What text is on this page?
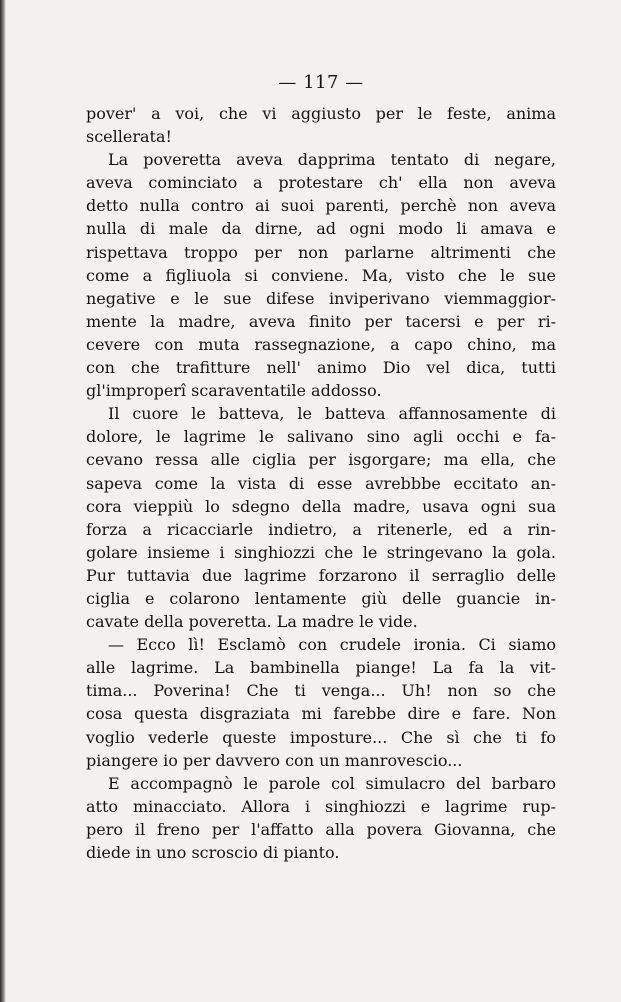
— 117 —
pover' a voi, che vi aggiusto per le feste, anima
scellerata!
La poveretta aveva dapprima tentato di negare,
aveva cominciato a protestare ch' ella non aveva
detto nulla contro ai suoi parenti, perchè non aveva
nulla di male da dirne, ad ogni modo li amava e
rispettava troppo per non parlarne altrimenti che
come a figliuola si conviene. Ma, visto che le sue
negative e le sue difese inviperivano viemmaggior-
mente la madre, aveva finito per tacersi e per ri-
cevere con muta rassegnazione, a capo chino, ma
con che trafitture nell' animo Dio vel dica, tutti
gl'improperî scaraventatile addosso.
Il cuore le batteva, le batteva affannosamente di
dolore, le lagrime le salivano sino agli occhi e fa-
cevano ressa alle ciglia per isgorgare; ma ella, che
sapeva come la vista di esse avrebbbe eccitato an-
cora vieppiù lo sdegno della madre, usava ogni sua
forza a ricacciarle indietro, a ritenerle, ed a rin-
golare insieme i singhiozzi che le stringevano la gola.
Pur tuttavia due lagrime forzarono il serraglio delle
ciglia e colarono lentamente giù delle guancie in-
cavate della poveretta. La madre le vide.
— Ecco lì! Esclamò con crudele ironia. Ci siamo
alle lagrime. La bambinella piange! La fa la vit-
tima... Poverina! Che ti venga... Uh! non so che
cosa questa disgraziata mi farebbe dire e fare. Non
voglio vederle queste imposture... Che sì che ti fo
piangere io per davvero con un manrovescio...
E accompagnò le parole col simulacro del barbaro
atto minacciato. Allora i singhiozzi e lagrime rup-
pero il freno per l'affatto alla povera Giovanna, che
diede in uno scroscio di pianto.
